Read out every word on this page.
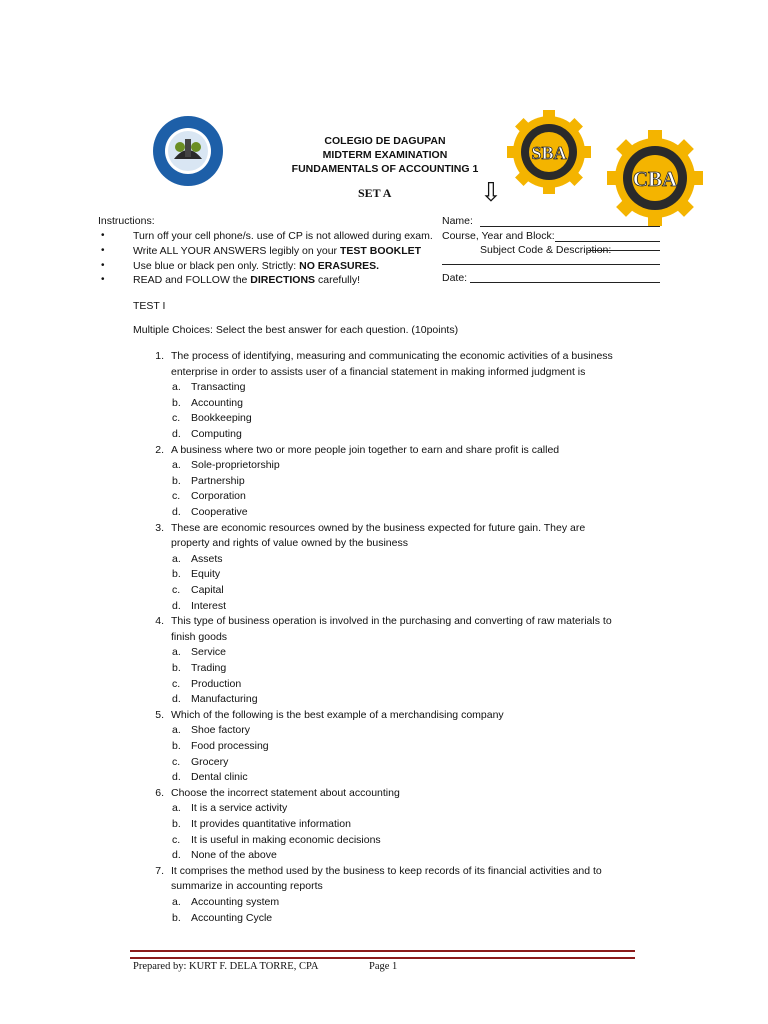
COLEGIO DE DAGUPAN
MIDTERM EXAMINATION
FUNDAMENTALS OF ACCOUNTING 1
SET A	⇩
SBA
CBA
Instructions:
•	Turn off your cell phone/s. use of CP is not allowed during exam.
•	Write ALL YOUR ANSWERS legibly on your TEST BOOKLET
•	Use blue or black pen only. Strictly: NO ERASURES.
•	READ and FOLLOW the DIRECTIONS carefully!
Name:
Course, Year and Block:
Subject Code & Description:
Date:
TEST I
Multiple Choices: Select the best answer for each question. (10points)
1. The process of identifying, measuring and communicating the economic activities of a business
enterprise in order to assists user of a financial statement in making informed judgment is
a. Transacting
b. Accounting
c. Bookkeeping
d. Computing
2. A business where two or more people join together to earn and share profit is called
a. Sole-proprietorship
b. Partnership
c. Corporation
d. Cooperative
3. These are economic resources owned by the business expected for future gain. They are
property and rights of value owned by the business
a. Assets
b. Equity
c. Capital
d. Interest
4. This type of business operation is involved in the purchasing and converting of raw materials to
finish goods
a. Service
b. Trading
c. Production
d. Manufacturing
5. Which of the following is the best example of a merchandising company
a. Shoe factory
b. Food processing
c. Grocery
d. Dental clinic
6. Choose the incorrect statement about accounting
a. It is a service activity
b. It provides quantitative information
c. It is useful in making economic decisions
d. None of the above
7. It comprises the method used by the business to keep records of its financial activities and to
summarize in accounting reports
a. Accounting system
b. Accounting Cycle
Prepared by: KURT F. DELA TORRE, CPA	Page 1
